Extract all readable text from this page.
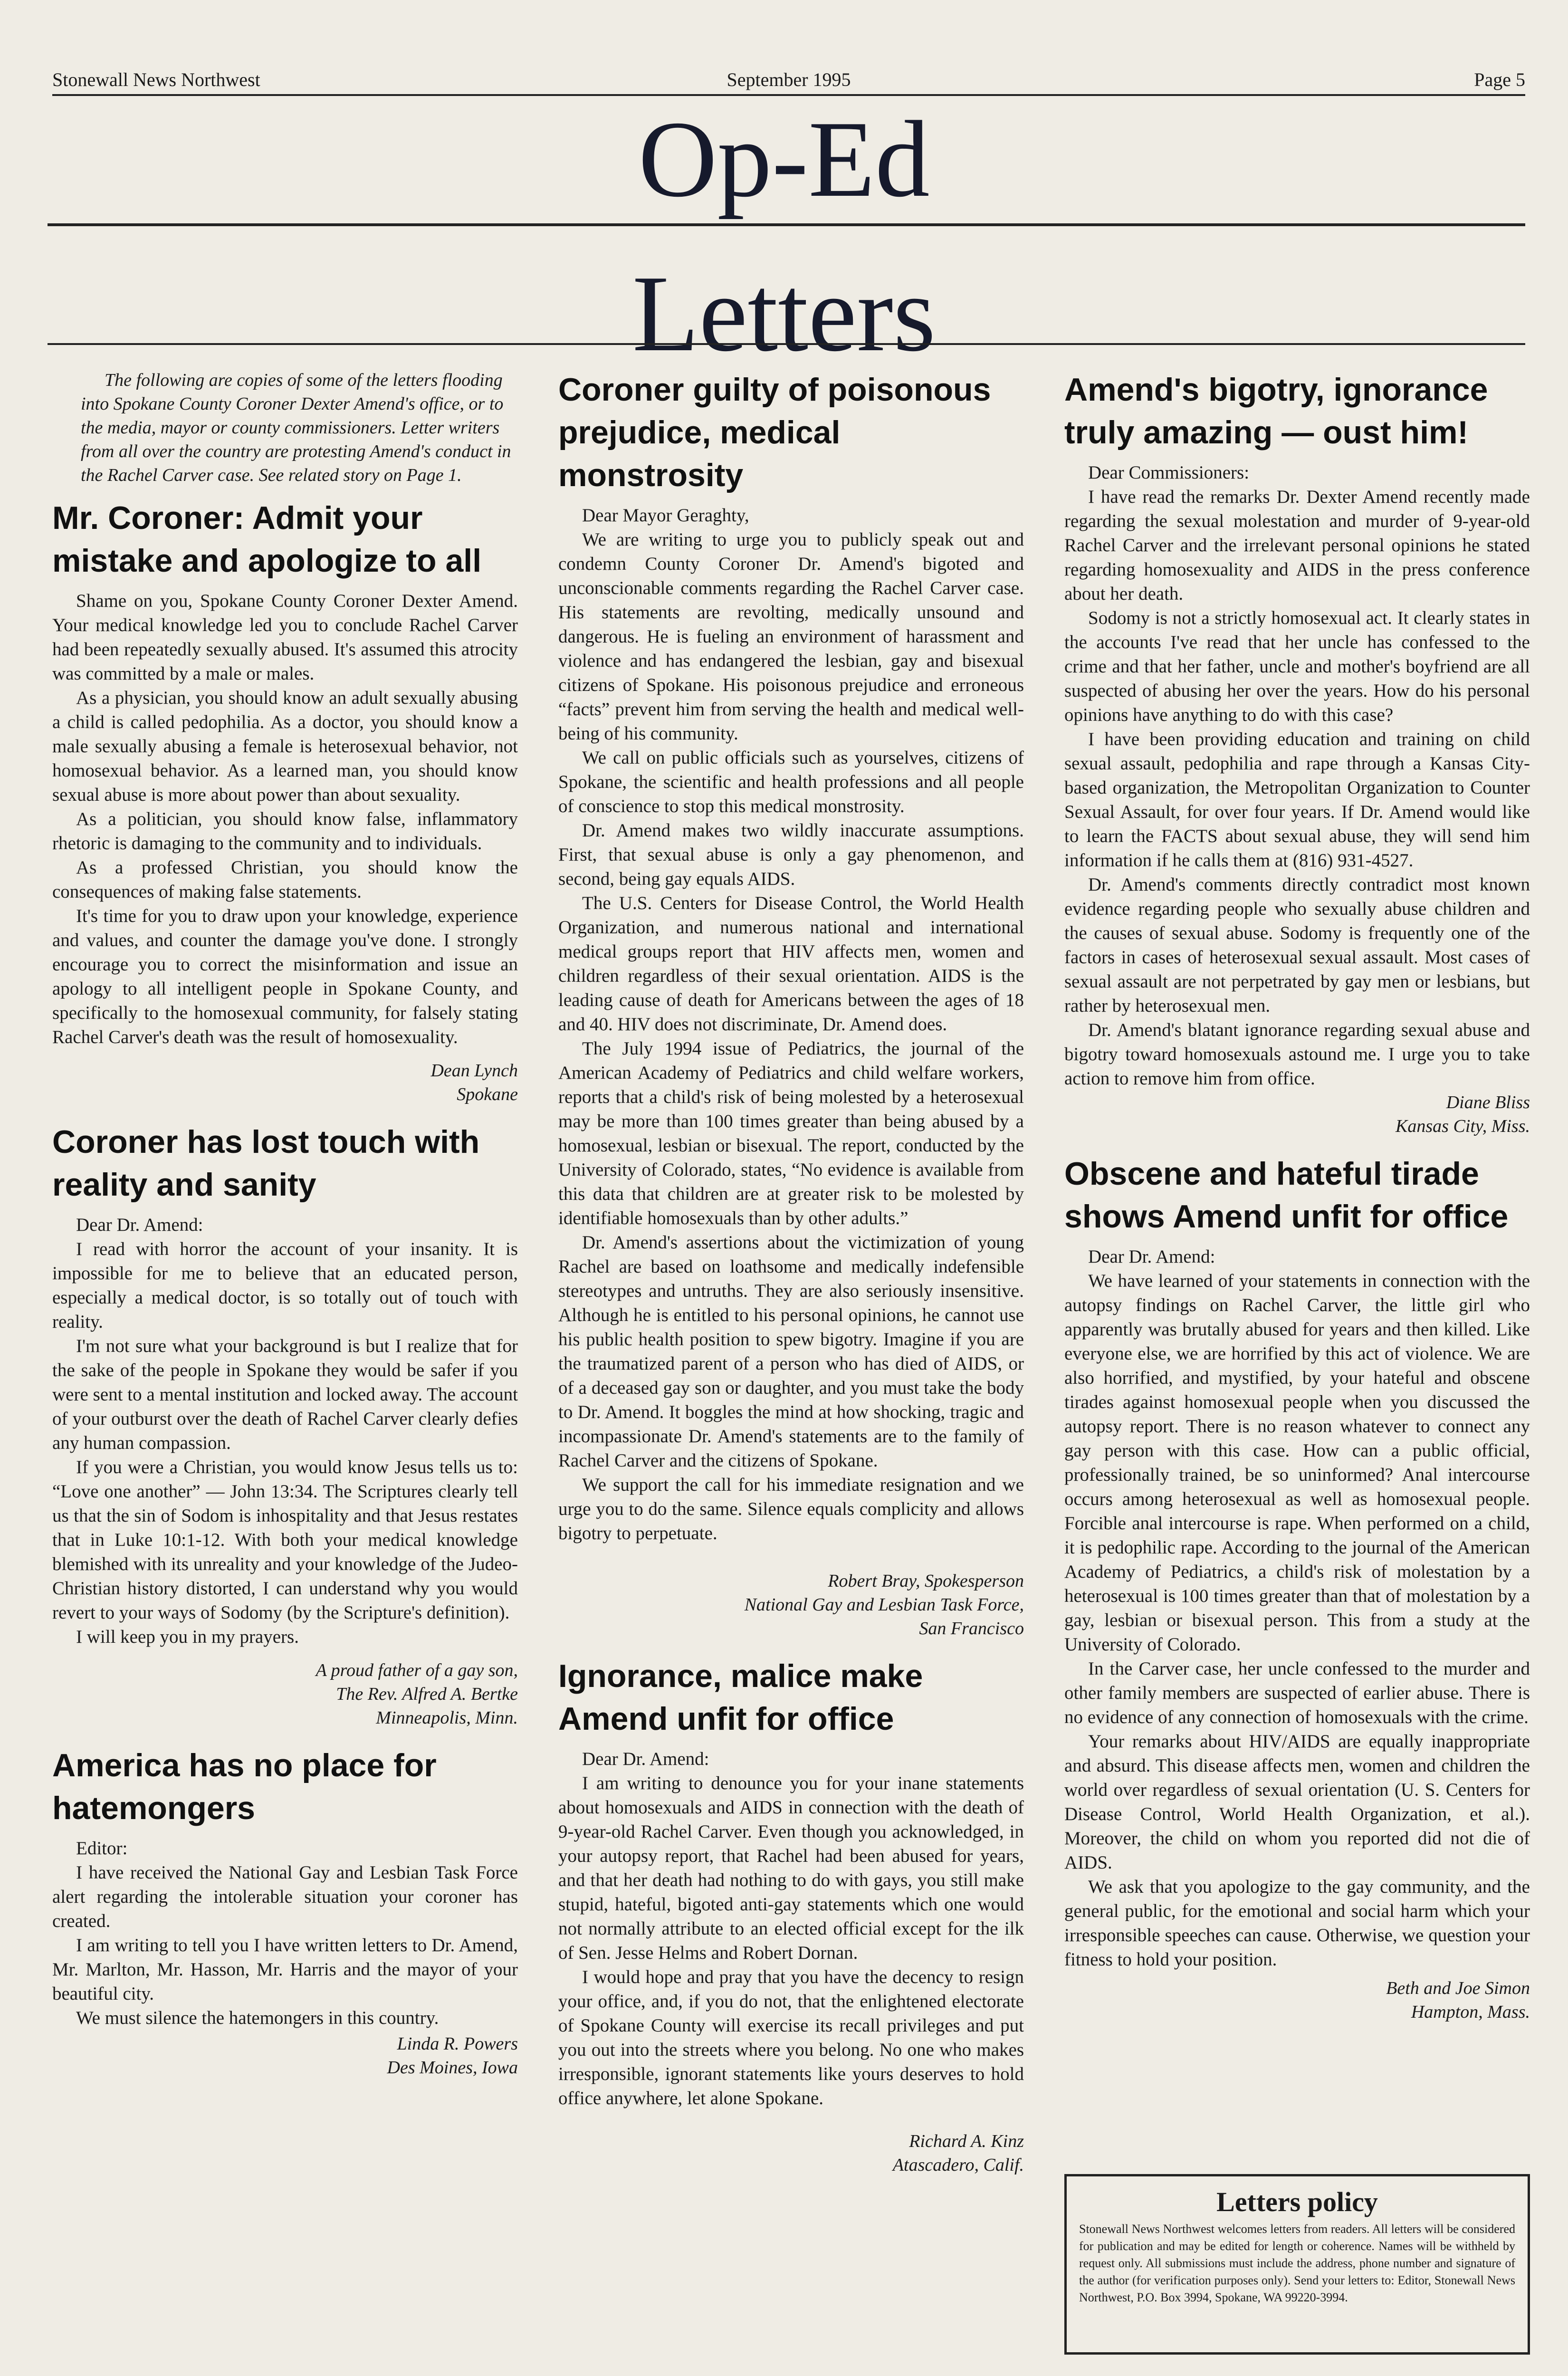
Stonewall News Northwest	September 1995	Page 5
Op-Ed
Letters

The following are copies of some of the letters flooding into Spokane County Coroner Dexter Amend's office, or to the media, mayor or county commissioners. Letter writers from all over the country are protesting Amend's conduct in the Rachel Carver case. See related story on Page 1.

Mr. Coroner: Admit your mistake and apologize to all

Shame on you, Spokane County Coroner Dexter Amend. Your medical knowledge led you to conclude Rachel Carver had been repeatedly sexually abused. It's assumed this atrocity was committed by a male or males.

As a physician, you should know an adult sexually abusing a child is called pedophilia. As a doctor, you should know a male sexually abusing a female is heterosexual behavior, not homosexual behavior. As a learned man, you should know sexual abuse is more about power than about sexuality.

As a politician, you should know false, inflammatory rhetoric is damaging to the community and to individuals.

As a professed Christian, you should know the consequences of making false statements.

It's time for you to draw upon your knowledge, experience and values, and counter the damage you've done. I strongly encourage you to correct the misinformation and issue an apology to all intelligent people in Spokane County, and specifically to the homosexual community, for falsely stating Rachel Carver's death was the result of homosexuality.

Dean Lynch
Spokane
Coroner has lost touch with reality and sanity

Dear Dr. Amend:

I read with horror the account of your insanity. It is impossible for me to believe that an educated person, especially a medical doctor, is so totally out of touch with reality.

I'm not sure what your background is but I realize that for the sake of the people in Spokane they would be safer if you were sent to a mental institution and locked away. The account of your outburst over the death of Rachel Carver clearly defies any human compassion.

If you were a Christian, you would know Jesus tells us to: “Love one another” — John 13:34. The Scriptures clearly tell us that the sin of Sodom is inhospitality and that Jesus restates that in Luke 10:1-12. With both your medical knowledge blemished with its unreality and your knowledge of the Judeo-Christian history distorted, I can understand why you would revert to your ways of Sodomy (by the Scripture's definition).

I will keep you in my prayers.

A proud father of a gay son,
The Rev. Alfred A. Bertke
Minneapolis, Minn.
America has no place for hatemongers

Editor:

I have received the National Gay and Lesbian Task Force alert regarding the intolerable situation your coroner has created.

I am writing to tell you I have written letters to Dr. Amend, Mr. Marlton, Mr. Hasson, Mr. Harris and the mayor of your beautiful city.

We must silence the hatemongers in this country.

Linda R. Powers
Des Moines, Iowa
Coroner guilty of poisonous prejudice, medical monstrosity

Dear Mayor Geraghty,

We are writing to urge you to publicly speak out and condemn County Coroner Dr. Amend's bigoted and unconscionable comments regarding the Rachel Carver case. His statements are revolting, medically unsound and dangerous. He is fueling an environment of harassment and violence and has endangered the lesbian, gay and bisexual citizens of Spokane. His poisonous prejudice and erroneous “facts” prevent him from serving the health and medical well-being of his community.

We call on public officials such as yourselves, citizens of Spokane, the scientific and health professions and all people of conscience to stop this medical monstrosity.

Dr. Amend makes two wildly inaccurate assumptions. First, that sexual abuse is only a gay phenomenon, and second, being gay equals AIDS.

The U.S. Centers for Disease Control, the World Health Organization, and numerous national and international medical groups report that HIV affects men, women and children regardless of their sexual orientation. AIDS is the leading cause of death for Americans between the ages of 18 and 40. HIV does not discriminate, Dr. Amend does.

The July 1994 issue of Pediatrics, the journal of the American Academy of Pediatrics and child welfare workers, reports that a child's risk of being molested by a heterosexual may be more than 100 times greater than being abused by a homosexual, lesbian or bisexual. The report, conducted by the University of Colorado, states, “No evidence is available from this data that children are at greater risk to be molested by identifiable homosexuals than by other adults.”

Dr. Amend's assertions about the victimization of young Rachel are based on loathsome and medically indefensible stereotypes and untruths. They are also seriously insensitive. Although he is entitled to his personal opinions, he cannot use his public health position to spew bigotry. Imagine if you are the traumatized parent of a person who has died of AIDS, or of a deceased gay son or daughter, and you must take the body to Dr. Amend. It boggles the mind at how shocking, tragic and incompassionate Dr. Amend's statements are to the family of Rachel Carver and the citizens of Spokane.

We support the call for his immediate resignation and we urge you to do the same. Silence equals complicity and allows bigotry to perpetuate.

Robert Bray, Spokesperson
National Gay and Lesbian Task Force,
San Francisco
Ignorance, malice make Amend unfit for office

Dear Dr. Amend:

I am writing to denounce you for your inane statements about homosexuals and AIDS in connection with the death of 9-year-old Rachel Carver. Even though you acknowledged, in your autopsy report, that Rachel had been abused for years, and that her death had nothing to do with gays, you still make stupid, hateful, bigoted anti-gay statements which one would not normally attribute to an elected official except for the ilk of Sen. Jesse Helms and Robert Dornan.

I would hope and pray that you have the decency to resign your office, and, if you do not, that the enlightened electorate of Spokane County will exercise its recall privileges and put you out into the streets where you belong. No one who makes irresponsible, ignorant statements like yours deserves to hold office anywhere, let alone Spokane.

Richard A. Kinz
Atascadero, Calif.
Amend's bigotry, ignorance truly amazing — oust him!

Dear Commissioners:

I have read the remarks Dr. Dexter Amend recently made regarding the sexual molestation and murder of 9-year-old Rachel Carver and the irrelevant personal opinions he stated regarding homosexuality and AIDS in the press conference about her death.

Sodomy is not a strictly homosexual act. It clearly states in the accounts I've read that her uncle has confessed to the crime and that her father, uncle and mother's boyfriend are all suspected of abusing her over the years. How do his personal opinions have anything to do with this case?

I have been providing education and training on child sexual assault, pedophilia and rape through a Kansas City-based organization, the Metropolitan Organization to Counter Sexual Assault, for over four years. If Dr. Amend would like to learn the FACTS about sexual abuse, they will send him information if he calls them at (816) 931-4527.

Dr. Amend's comments directly contradict most known evidence regarding people who sexually abuse children and the causes of sexual abuse. Sodomy is frequently one of the factors in cases of heterosexual sexual assault. Most cases of sexual assault are not perpetrated by gay men or lesbians, but rather by heterosexual men.

Dr. Amend's blatant ignorance regarding sexual abuse and bigotry toward homosexuals astound me. I urge you to take action to remove him from office.

Diane Bliss
Kansas City, Miss.
Obscene and hateful tirade shows Amend unfit for office

Dear Dr. Amend:

We have learned of your statements in connection with the autopsy findings on Rachel Carver, the little girl who apparently was brutally abused for years and then killed. Like everyone else, we are horrified by this act of violence. We are also horrified, and mystified, by your hateful and obscene tirades against homosexual people when you discussed the autopsy report. There is no reason whatever to connect any gay person with this case. How can a public official, professionally trained, be so uninformed? Anal intercourse occurs among heterosexual as well as homosexual people. Forcible anal intercourse is rape. When performed on a child, it is pedophilic rape. According to the journal of the American Academy of Pediatrics, a child's risk of molestation by a heterosexual is 100 times greater than that of molestation by a gay, lesbian or bisexual person. This from a study at the University of Colorado.

In the Carver case, her uncle confessed to the murder and other family members are suspected of earlier abuse. There is no evidence of any connection of homosexuals with the crime.

Your remarks about HIV/AIDS are equally inappropriate and absurd. This disease affects men, women and children the world over regardless of sexual orientation (U. S. Centers for Disease Control, World Health Organization, et al.). Moreover, the child on whom you reported did not die of AIDS.

We ask that you apologize to the gay community, and the general public, for the emotional and social harm which your irresponsible speeches can cause. Otherwise, we question your fitness to hold your position.

Beth and Joe Simon
Hampton, Mass.
Letters policy

Stonewall News Northwest welcomes letters from readers. All letters will be considered for publication and may be edited for length or coherence. Names will be withheld by request only. All submissions must include the address, phone number and signature of the author (for verification purposes only). Send your letters to: Editor, Stonewall News Northwest, P.O. Box 3994, Spokane, WA 99220-3994.
